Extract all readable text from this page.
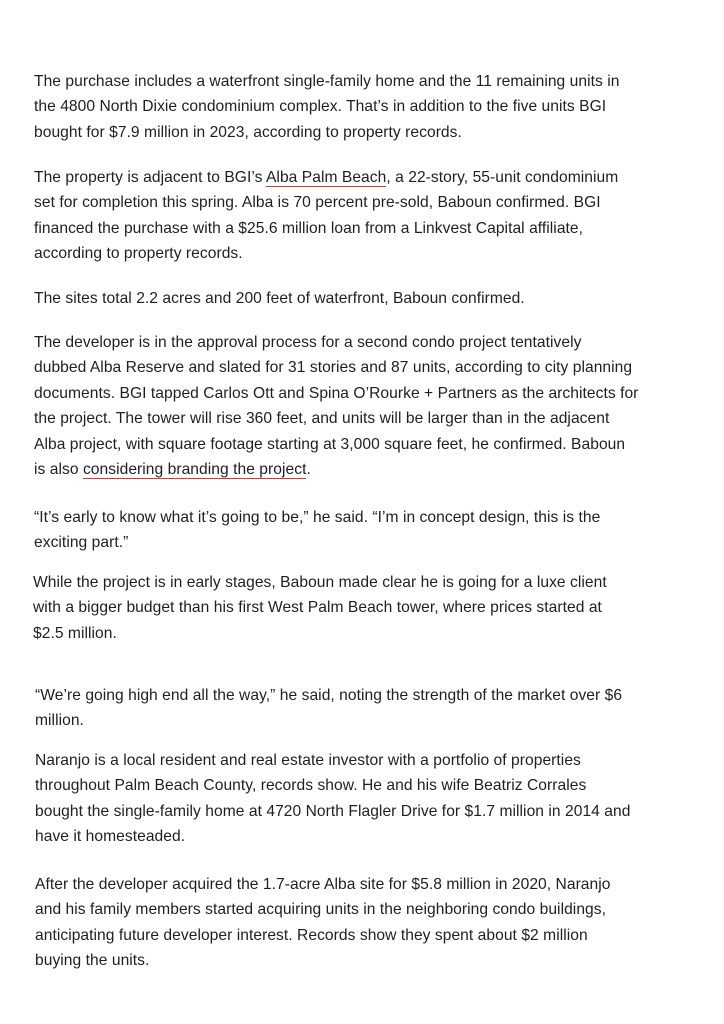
The purchase includes a waterfront single-family home and the 11 remaining units in
the 4800 North Dixie condominium complex. That’s in addition to the five units BGI
bought for $7.9 million in 2023, according to property records.

The property is adjacent to BGI’s Alba Palm Beach, a 22-story, 55-unit condominium
set for completion this spring. Alba is 70 percent pre-sold, Baboun confirmed. BGI
financed the purchase with a $25.6 million loan from a Linkvest Capital affiliate,
according to property records.

The sites total 2.2 acres and 200 feet of waterfront, Baboun confirmed.

The developer is in the approval process for a second condo project tentatively
dubbed Alba Reserve and slated for 31 stories and 87 units, according to city planning
documents. BGI tapped Carlos Ott and Spina O’Rourke + Partners as the architects for
the project. The tower will rise 360 feet, and units will be larger than in the adjacent
Alba project, with square footage starting at 3,000 square feet, he confirmed. Baboun
is also considering branding the project.

“It’s early to know what it’s going to be,” he said. “I’m in concept design, this is the
exciting part.”

While the project is in early stages, Baboun made clear he is going for a luxe client
with a bigger budget than his first West Palm Beach tower, where prices started at
$2.5 million.

“We’re going high end all the way,” he said, noting the strength of the market over $6
million.

Naranjo is a local resident and real estate investor with a portfolio of properties
throughout Palm Beach County, records show. He and his wife Beatriz Corrales
bought the single-family home at 4720 North Flagler Drive for $1.7 million in 2014 and
have it homesteaded.

After the developer acquired the 1.7-acre Alba site for $5.8 million in 2020, Naranjo
and his family members started acquiring units in the neighboring condo buildings,
anticipating future developer interest. Records show they spent about $2 million
buying the units.
